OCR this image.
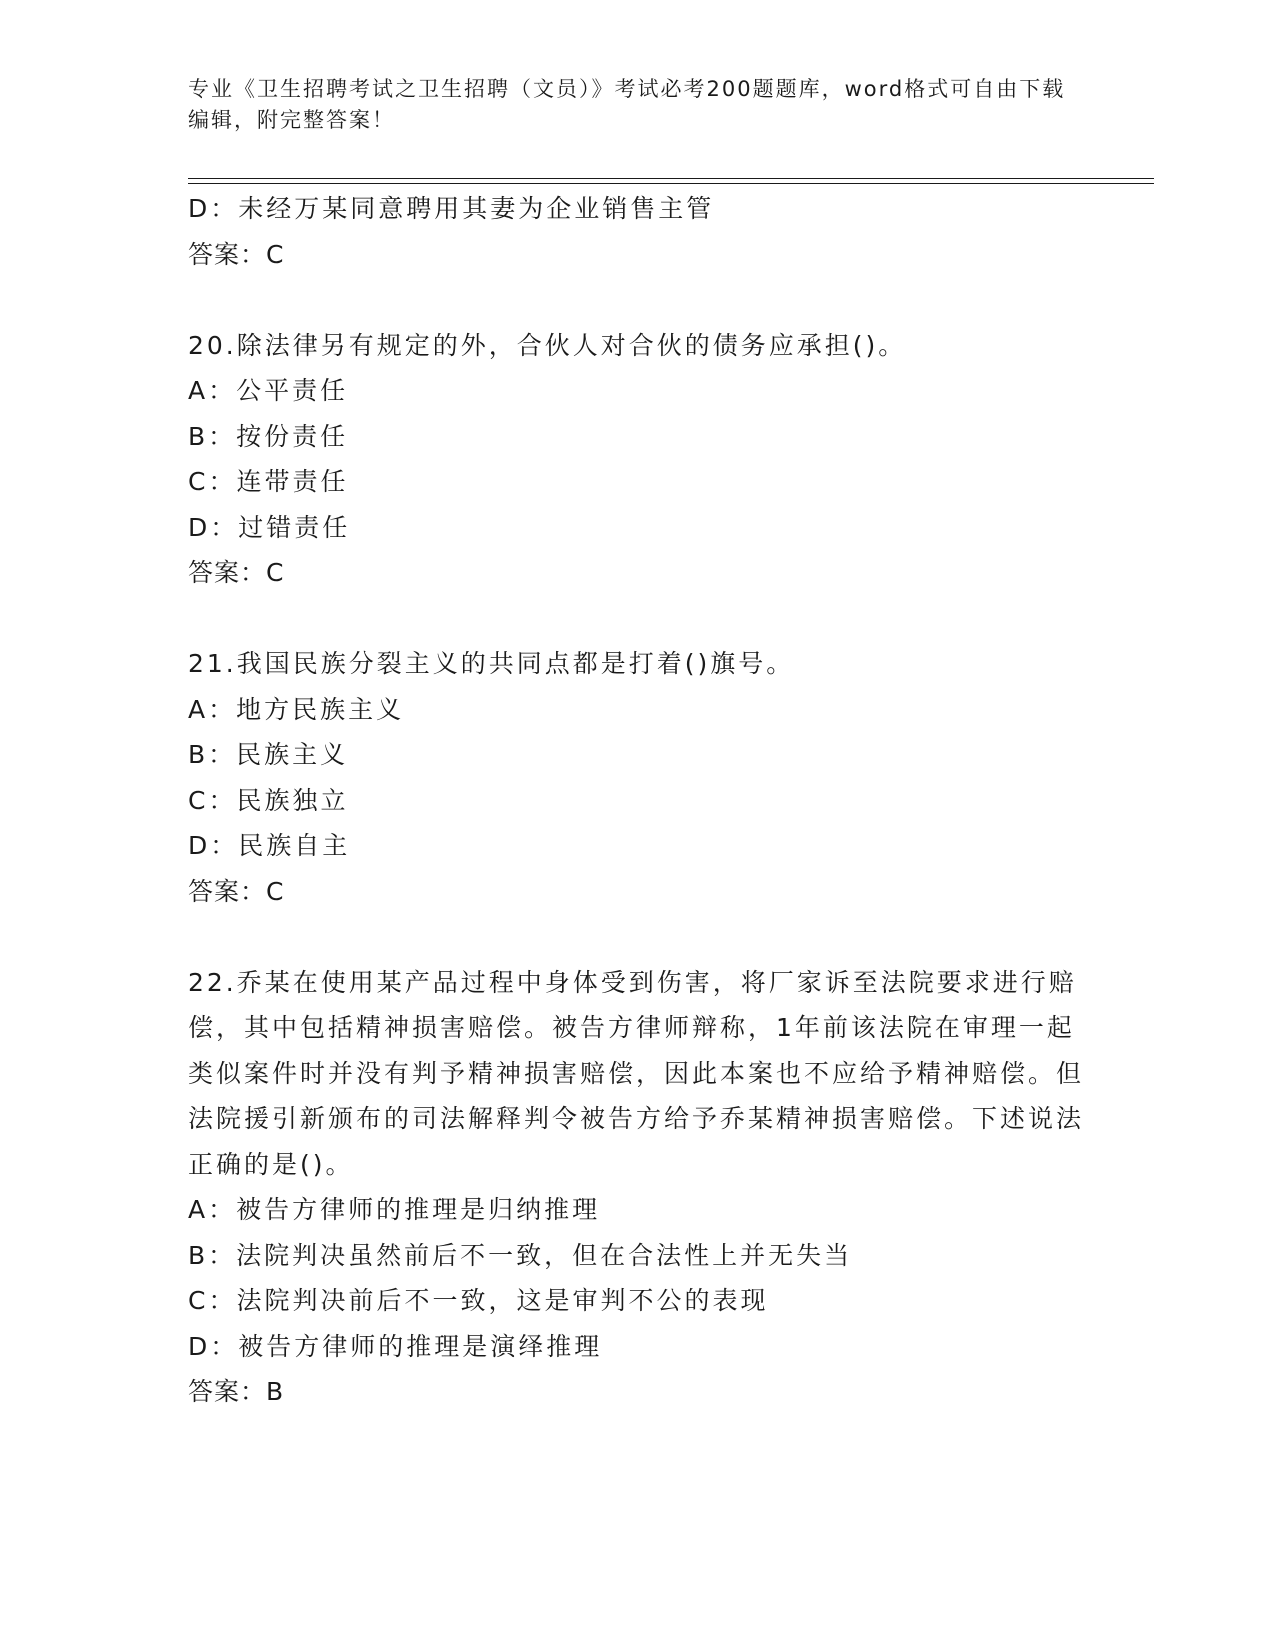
专业《卫生招聘考试之卫生招聘（文员）》考试必考200题题库，word格式可自由下载编辑，附完整答案！
D：未经万某同意聘用其妻为企业销售主管
答案：C
20.除法律另有规定的外，合伙人对合伙的债务应承担()。
A：公平责任
B：按份责任
C：连带责任
D：过错责任
答案：C
21.我国民族分裂主义的共同点都是打着()旗号。
A：地方民族主义
B：民族主义
C：民族独立
D：民族自主
答案：C
22.乔某在使用某产品过程中身体受到伤害，将厂家诉至法院要求进行赔偿，其中包括精神损害赔偿。被告方律师辩称，1年前该法院在审理一起类似案件时并没有判予精神损害赔偿，因此本案也不应给予精神赔偿。但法院援引新颁布的司法解释判令被告方给予乔某精神损害赔偿。下述说法正确的是()。
A：被告方律师的推理是归纳推理
B：法院判决虽然前后不一致，但在合法性上并无失当
C：法院判决前后不一致，这是审判不公的表现
D：被告方律师的推理是演绎推理
答案：B
